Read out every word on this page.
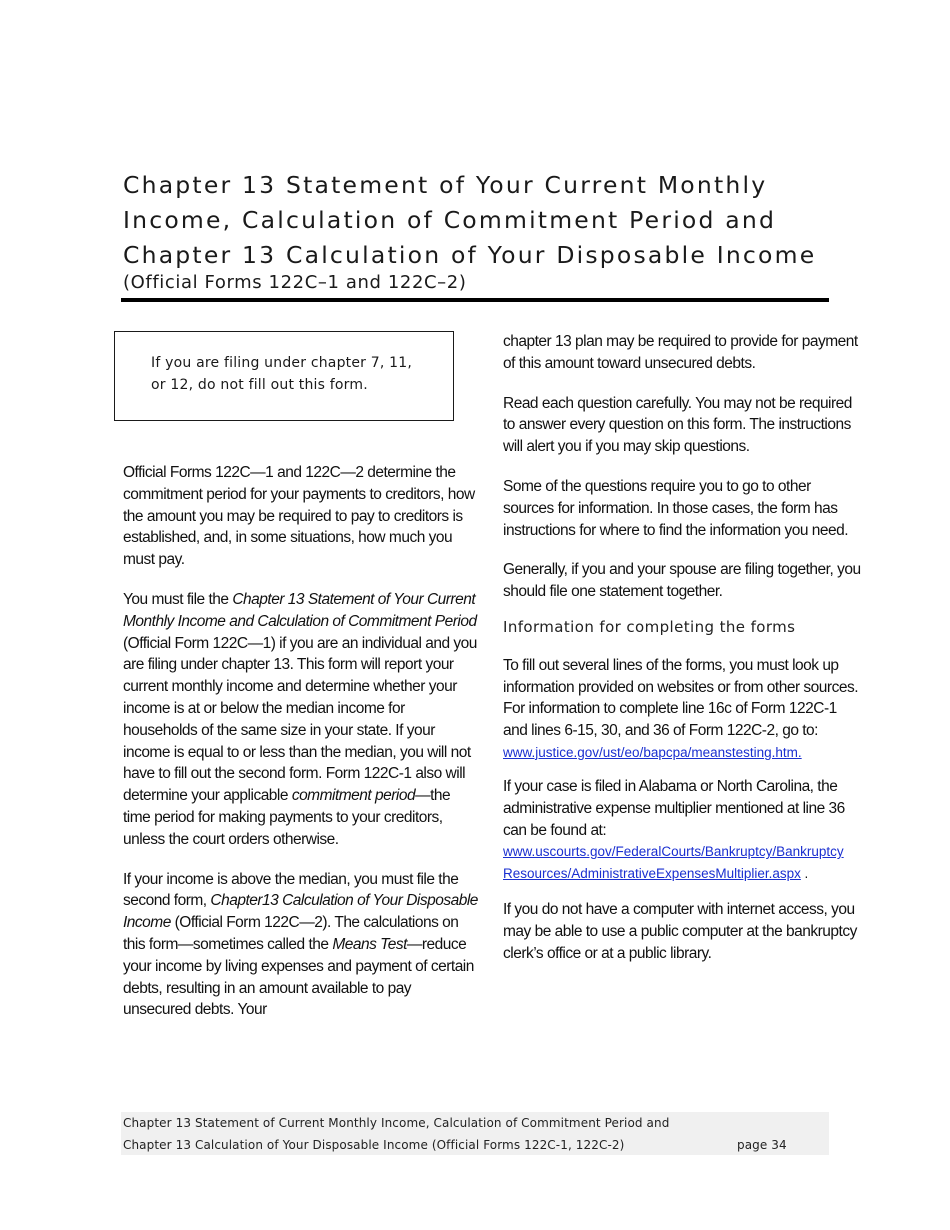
Chapter 13 Statement of Your Current Monthly
Income, Calculation of Commitment Period and
Chapter 13 Calculation of Your Disposable Income
(Official Forms 122C–1 and 122C–2)

If you are filing under chapter 7, 11, or 12, do not fill out this form.

Official Forms 122C—1 and 122C—2 determine the commitment period for your payments to creditors, how the amount you may be required to pay to creditors is established, and, in some situations, how much you must pay.

You must file the Chapter 13 Statement of Your Current Monthly Income and Calculation of Commitment Period (Official Form 122C—1) if you are an individual and you are filing under chapter 13. This form will report your current monthly income and determine whether your income is at or below the median income for households of the same size in your state. If your income is equal to or less than the median, you will not have to fill out the second form. Form 122C-1 also will determine your applicable commitment period—the time period for making payments to your creditors, unless the court orders otherwise.

If your income is above the median, you must file the second form, Chapter13 Calculation of Your Disposable Income (Official Form 122C—2). The calculations on this form—sometimes called the Means Test—reduce your income by living expenses and payment of certain debts, resulting in an amount available to pay unsecured debts. Your

chapter 13 plan may be required to provide for payment of this amount toward unsecured debts.

Read each question carefully. You may not be required to answer every question on this form. The instructions will alert you if you may skip questions.

Some of the questions require you to go to other sources for information. In those cases, the form has instructions for where to find the information you need.

Generally, if you and your spouse are filing together, you should file one statement together.

Information for completing the forms

To fill out several lines of the forms, you must look up information provided on websites or from other sources. For information to complete line 16c of Form 122C-1 and lines 6-15, 30, and 36 of Form 122C-2, go to:
www.justice.gov/ust/eo/bapcpa/meanstesting.htm.

If your case is filed in Alabama or North Carolina, the administrative expense multiplier mentioned at line 36 can be found at:
www.uscourts.gov/FederalCourts/Bankruptcy/Bankruptcy
Resources/AdministrativeExpensesMultiplier.aspx .

If you do not have a computer with internet access, you may be able to use a public computer at the bankruptcy clerk’s office or at a public library.

Chapter 13 Statement of Current Monthly Income, Calculation of Commitment Period and
Chapter 13 Calculation of Your Disposable Income (Official Forms 122C-1, 122C-2)	page 34
